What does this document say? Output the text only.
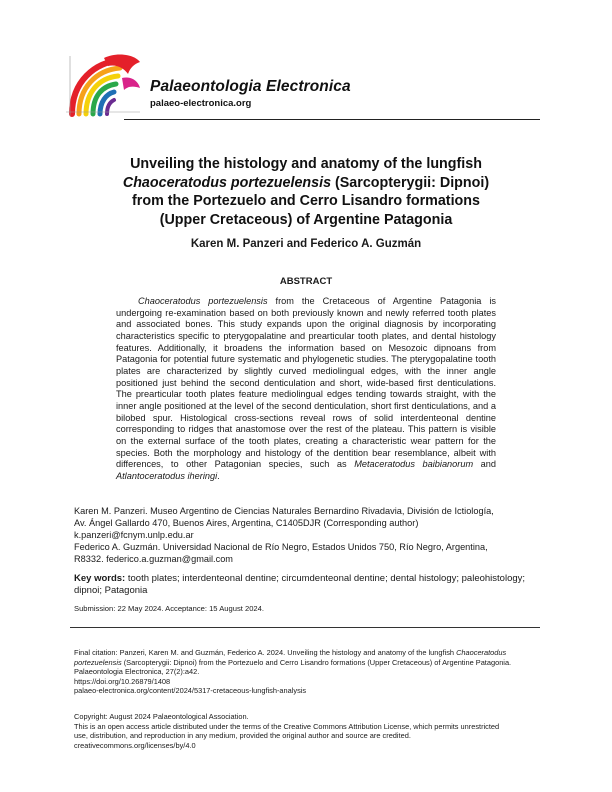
Palaeontologia Electronica
palaeo-electronica.org
Unveiling the histology and anatomy of the lungfish
Chaoceratodus portezuelensis (Sarcopterygii: Dipnoi)
from the Portezuelo and Cerro Lisandro formations
(Upper Cretaceous) of Argentine Patagonia
Karen M. Panzeri and Federico A. Guzmán
ABSTRACT

Chaoceratodus portezuelensis from the Cretaceous of Argentine Patagonia is undergoing re-examination based on both previously known and newly referred tooth plates and associated bones. This study expands upon the original diagnosis by incorporating characteristics specific to pterygopalatine and prearticular tooth plates, and dental histology features. Additionally, it broadens the information based on Mesozoic dipnoans from Patagonia for potential future systematic and phylogenetic studies. The pterygopalatine tooth plates are characterized by slightly curved mediolingual edges, with the inner angle positioned just behind the second denticulation and short, wide-based first denticulations. The prearticular tooth plates feature mediolingual edges tending towards straight, with the inner angle positioned at the level of the second denticulation, short first denticulations, and a bilobed spur. Histological cross-sections reveal rows of solid interdenteonal dentine corresponding to ridges that anastomose over the rest of the plateau. This pattern is visible on the external surface of the tooth plates, creating a characteristic wear pattern for the species. Both the morphology and histology of the dentition bear resemblance, albeit with differences, to other Patagonian species, such as Metaceratodus baibianorum and Atlantoceratodus iheringi.

Karen M. Panzeri. Museo Argentino de Ciencias Naturales Bernardino Rivadavia, División de Ictiología,
Av. Ángel Gallardo 470, Buenos Aires, Argentina, C1405DJR (Corresponding author)
k.panzeri@fcnym.unlp.edu.ar
Federico A. Guzmán. Universidad Nacional de Río Negro, Estados Unidos 750, Río Negro, Argentina,
R8332. federico.a.guzman@gmail.com
Key words: tooth plates; interdenteonal dentine; circumdenteonal dentine; dental histology; paleohistology; dipnoi; Patagonia
Submission: 22 May 2024. Acceptance: 15 August 2024.
Final citation: Panzeri, Karen M. and Guzmán, Federico A. 2024. Unveiling the histology and anatomy of the lungfish Chaoceratodus
portezuelensis (Sarcopterygii: Dipnoi) from the Portezuelo and Cerro Lisandro formations (Upper Cretaceous) of Argentine Patagonia.
Palaeontologia Electronica, 27(2):a42.
https://doi.org/10.26879/1408
palaeo-electronica.org/content/2024/5317-cretaceous-lungfish-analysis
Copyright: August 2024 Palaeontological Association.
This is an open access article distributed under the terms of the Creative Commons Attribution License, which permits unrestricted
use, distribution, and reproduction in any medium, provided the original author and source are credited.
creativecommons.org/licenses/by/4.0
